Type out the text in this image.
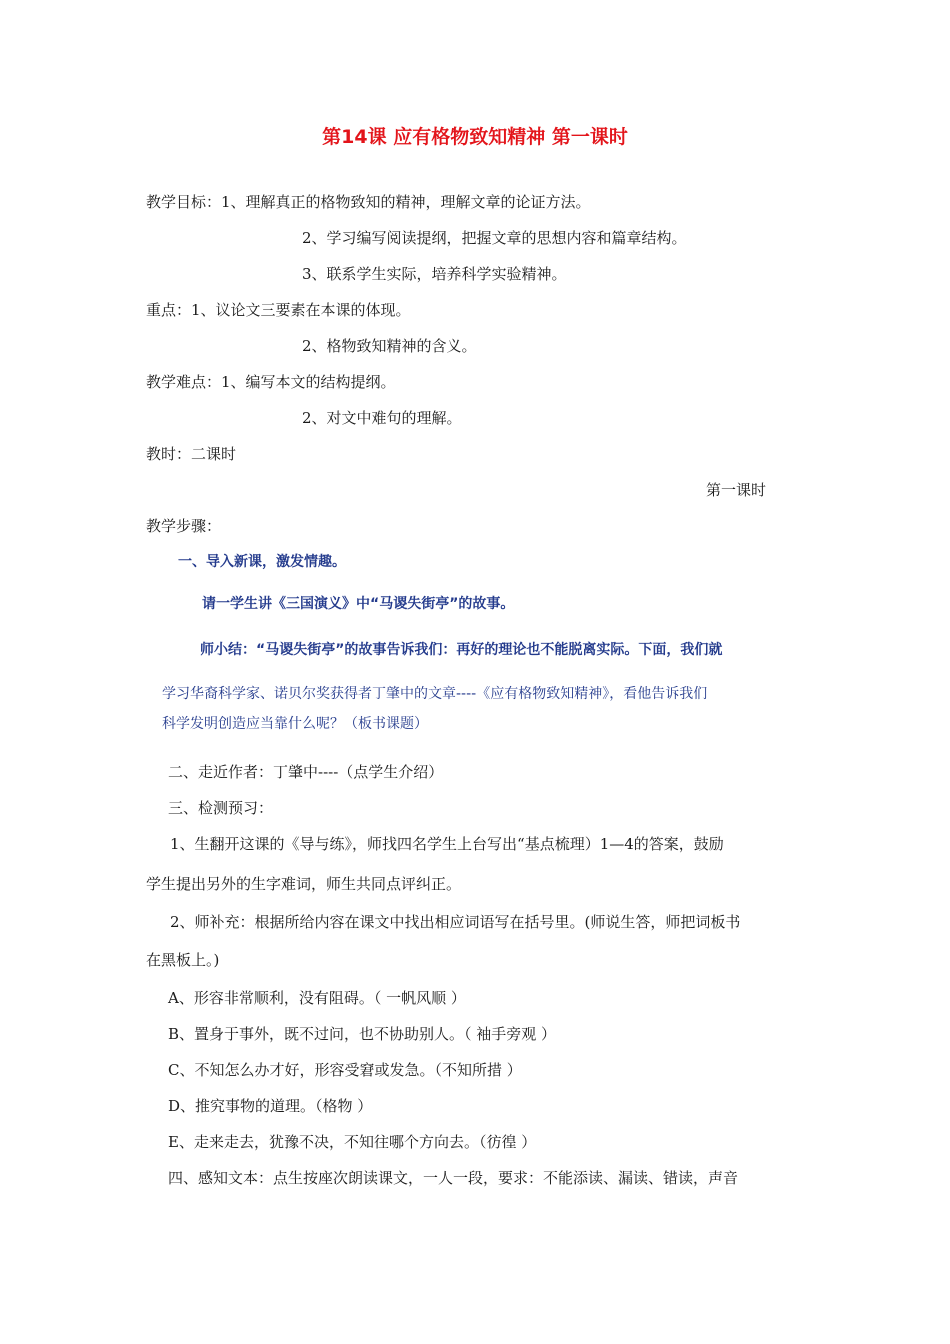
第14课 应有格物致知精神 第一课时
教学目标：1、理解真正的格物致知的精神，理解文章的论证方法。
2、学习编写阅读提纲，把握文章的思想内容和篇章结构。
3、联系学生实际，培养科学实验精神。
重点：1、议论文三要素在本课的体现。
2、格物致知精神的含义。
教学难点：1、编写本文的结构提纲。
2、对文中难句的理解。
教时：二课时
第一课时
教学步骤：
一、导入新课，激发情趣。
请一学生讲《三国演义》中“马谡失街亭”的故事。
师小结：“马谡失街亭”的故事告诉我们：再好的理论也不能脱离实际。下面，我们就
学习华裔科学家、诺贝尔奖获得者丁肇中的文章----《应有格物致知精神》，看他告诉我们
科学发明创造应当靠什么呢？（板书课题）
二、走近作者：丁肇中----（点学生介绍）
三、检测预习：
1、生翻开这课的《导与练》，师找四名学生上台写出“基点梳理）1—4的答案，鼓励
学生提出另外的生字难词，师生共同点评纠正。
2、师补充：根据所给内容在课文中找出相应词语写在括号里。(师说生答，师把词板书
在黑板上。)
A、形容非常顺利，没有阻碍。（ 一帆风顺 ）
B、置身于事外，既不过问，也不协助别人。（ 袖手旁观 ）
C、不知怎么办才好，形容受窘或发急。（不知所措 ）
D、推究事物的道理。（格物 ）
E、走来走去，犹豫不决，不知往哪个方向去。（彷徨 ）
四、感知文本：点生按座次朗读课文，一人一段，要求：不能添读、漏读、错读，声音
